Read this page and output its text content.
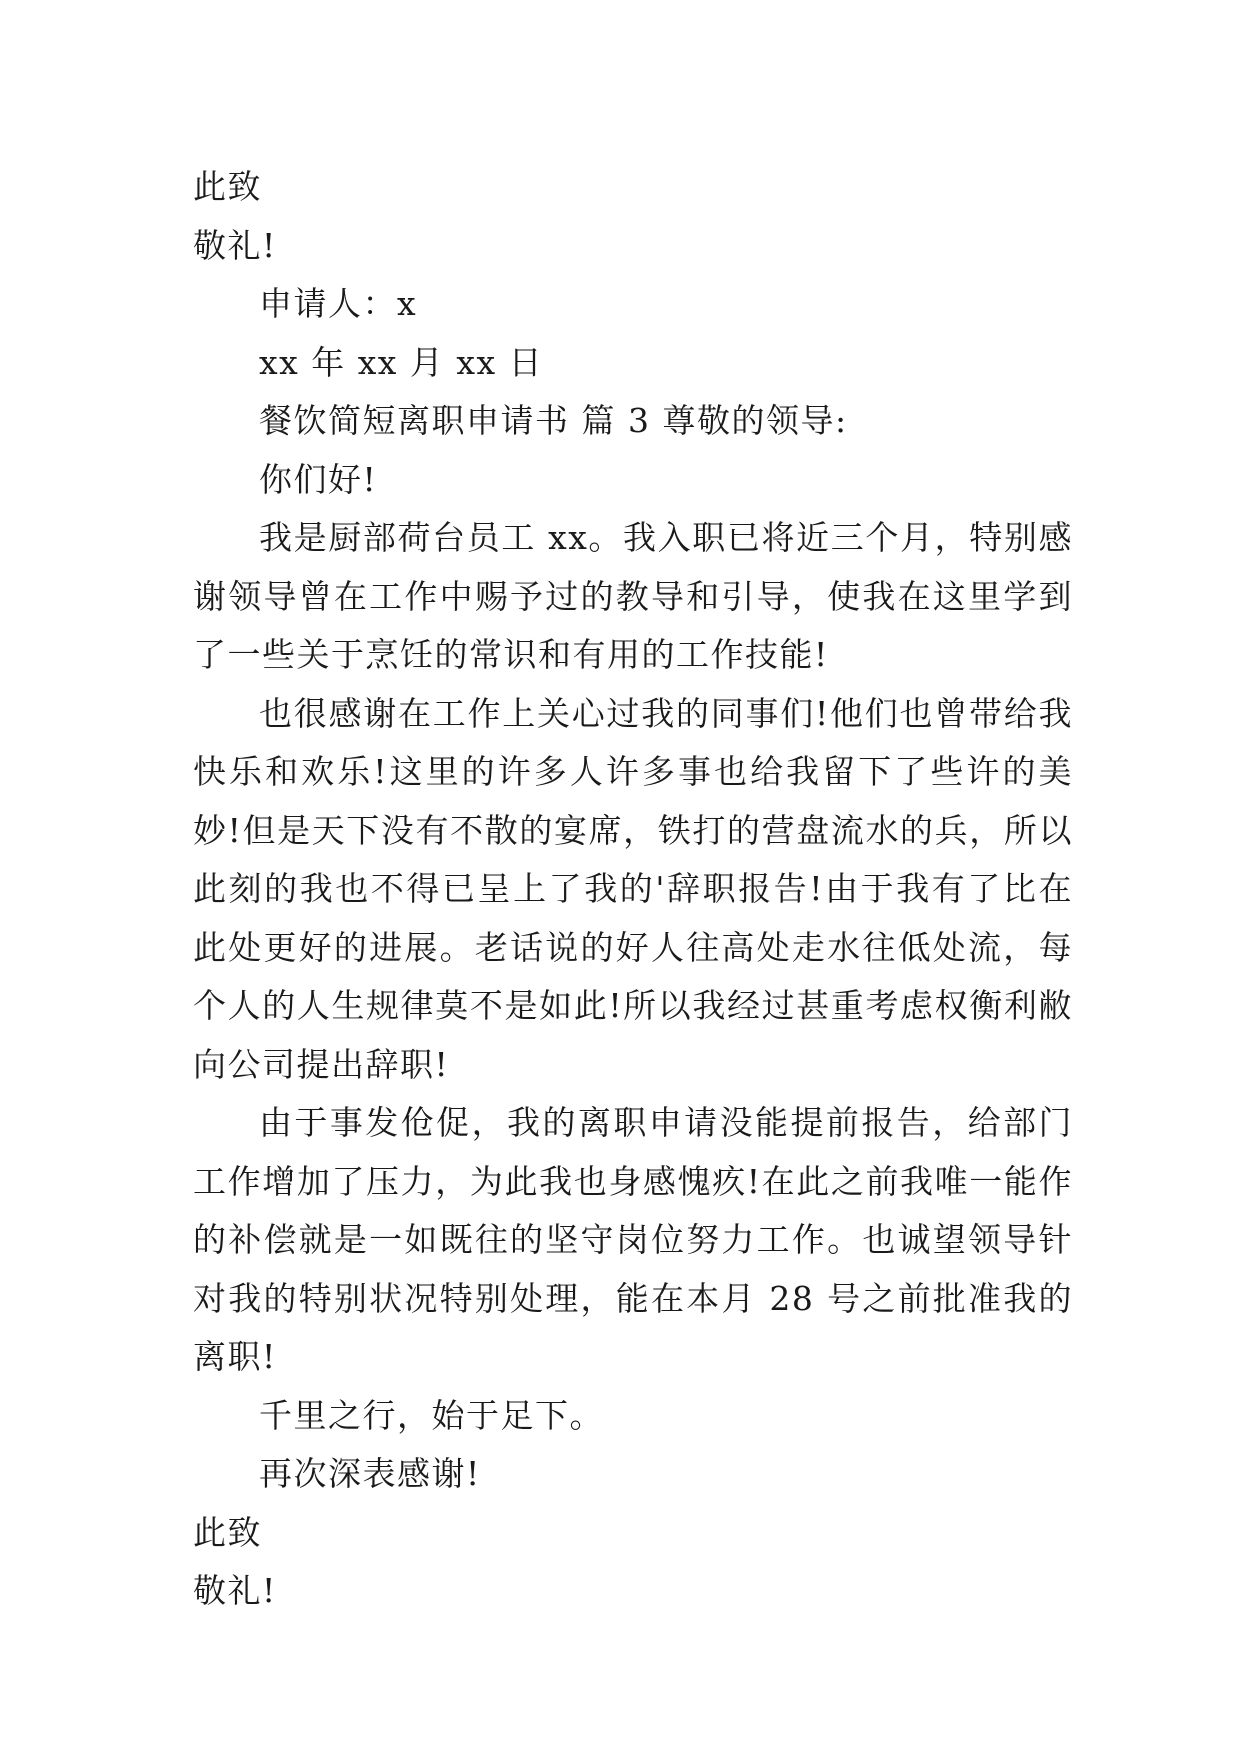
此致
敬礼!
申请人：x
xx 年 xx 月 xx 日
餐饮简短离职申请书 篇 3 尊敬的领导:
你们好!

我是厨部荷台员工 xx。我入职已将近三个月，特别感谢领导曾在工作中赐予过的教导和引导，使我在这里学到了一些关于烹饪的常识和有用的工作技能!

也很感谢在工作上关心过我的同事们!他们也曾带给我快乐和欢乐!这里的许多人许多事也给我留下了些许的美妙!但是天下没有不散的宴席，铁打的营盘流水的兵，所以此刻的我也不得已呈上了我的'辞职报告!由于我有了比在此处更好的进展。老话说的好人往高处走水往低处流，每个人的人生规律莫不是如此!所以我经过甚重考虑权衡利敝向公司提出辞职!

由于事发伧促，我的离职申请没能提前报告，给部门工作增加了压力，为此我也身感愧疚!在此之前我唯一能作的补偿就是一如既往的坚守岗位努力工作。也诚望领导针对我的特别状况特别处理，能在本月 28 号之前批准我的离职!

千里之行，始于足下。
再次深表感谢!
此致
敬礼!
